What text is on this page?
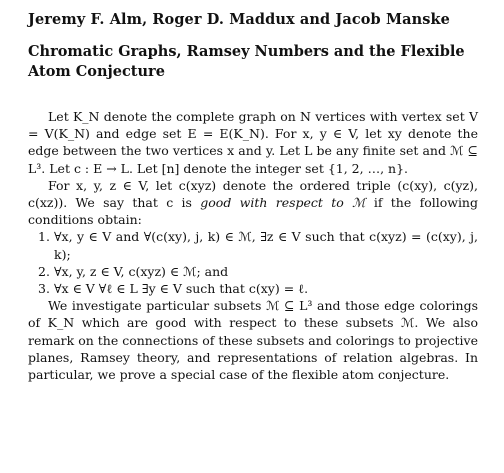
Jeremy F. Alm, Roger D. Maddux and Jacob Manske
Chromatic Graphs, Ramsey Numbers and the Flexible Atom Conjecture

Let K_N denote the complete graph on N vertices with vertex set V = V(K_N) and edge set E = E(K_N). For x, y ∈ V, let xy denote the edge between the two vertices x and y. Let L be any finite set and ℳ ⊆ L³. Let c : E → L. Let [n] denote the integer set {1, 2, …, n}.

For x, y, z ∈ V, let c(xyz) denote the ordered triple (c(xy), c(yz), c(xz)). We say that c is good with respect to ℳ if the following conditions obtain:

1. ∀x, y ∈ V and ∀(c(xy), j, k) ∈ ℳ, ∃z ∈ V such that c(xyz) = (c(xy), j, k);
2. ∀x, y, z ∈ V, c(xyz) ∈ ℳ; and
3. ∀x ∈ V ∀ℓ ∈ L ∃y ∈ V such that c(xy) = ℓ.

We investigate particular subsets ℳ ⊆ L³ and those edge colorings of K_N which are good with respect to these subsets ℳ. We also remark on the connections of these subsets and colorings to projective planes, Ramsey theory, and representations of relation algebras. In particular, we prove a special case of the flexible atom conjecture.
